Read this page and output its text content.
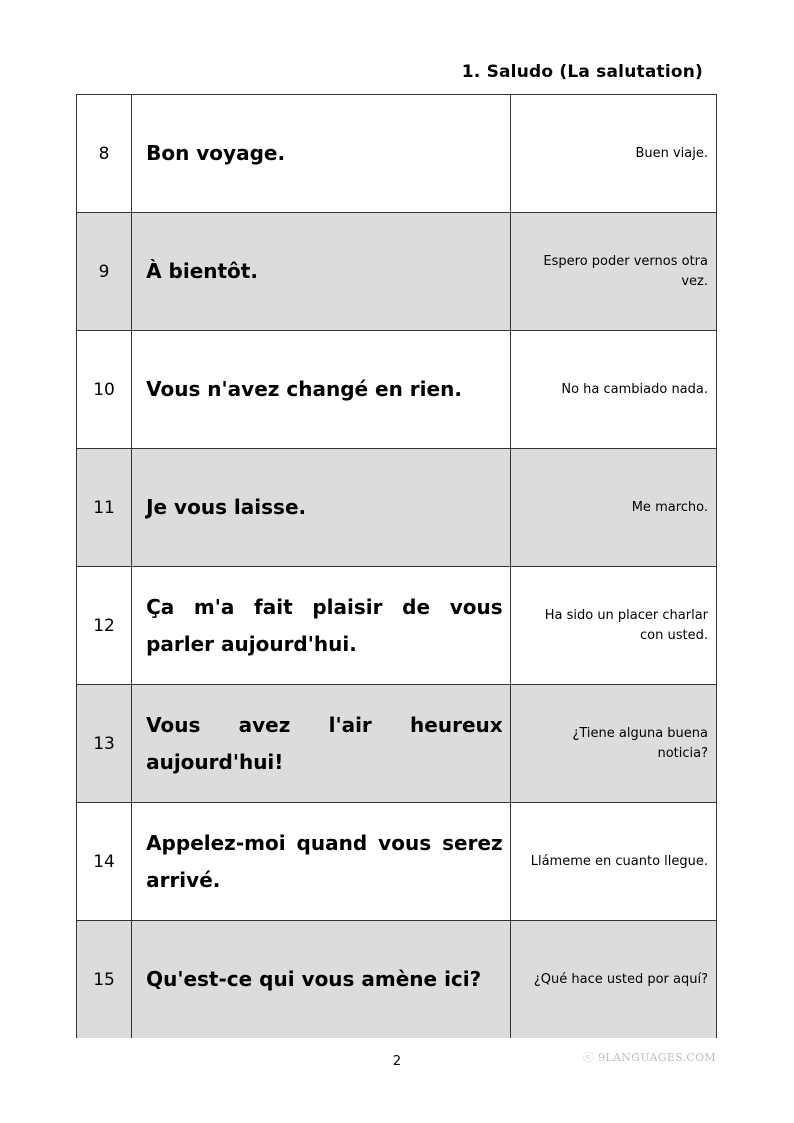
1. Saludo (La salutation)
8	Bon voyage.	Buen viaje.
9	À bientôt.	Espero poder vernos otra vez.
10	Vous n'avez changé en rien.	No ha cambiado nada.
11	Je vous laisse.	Me marcho.
12	Ça m'a fait plaisir de vous parler aujourd'hui.	Ha sido un placer charlar con usted.
13	Vous avez l'air heureux aujourd'hui!	¿Tiene alguna buena noticia?
14	Appelez-moi quand vous serez arrivé.	Llámeme en cuanto llegue.
15	Qu'est-ce qui vous amène ici?	¿Qué hace usted por aquí?
2	ⓒ 9LANGUAGES.COM
